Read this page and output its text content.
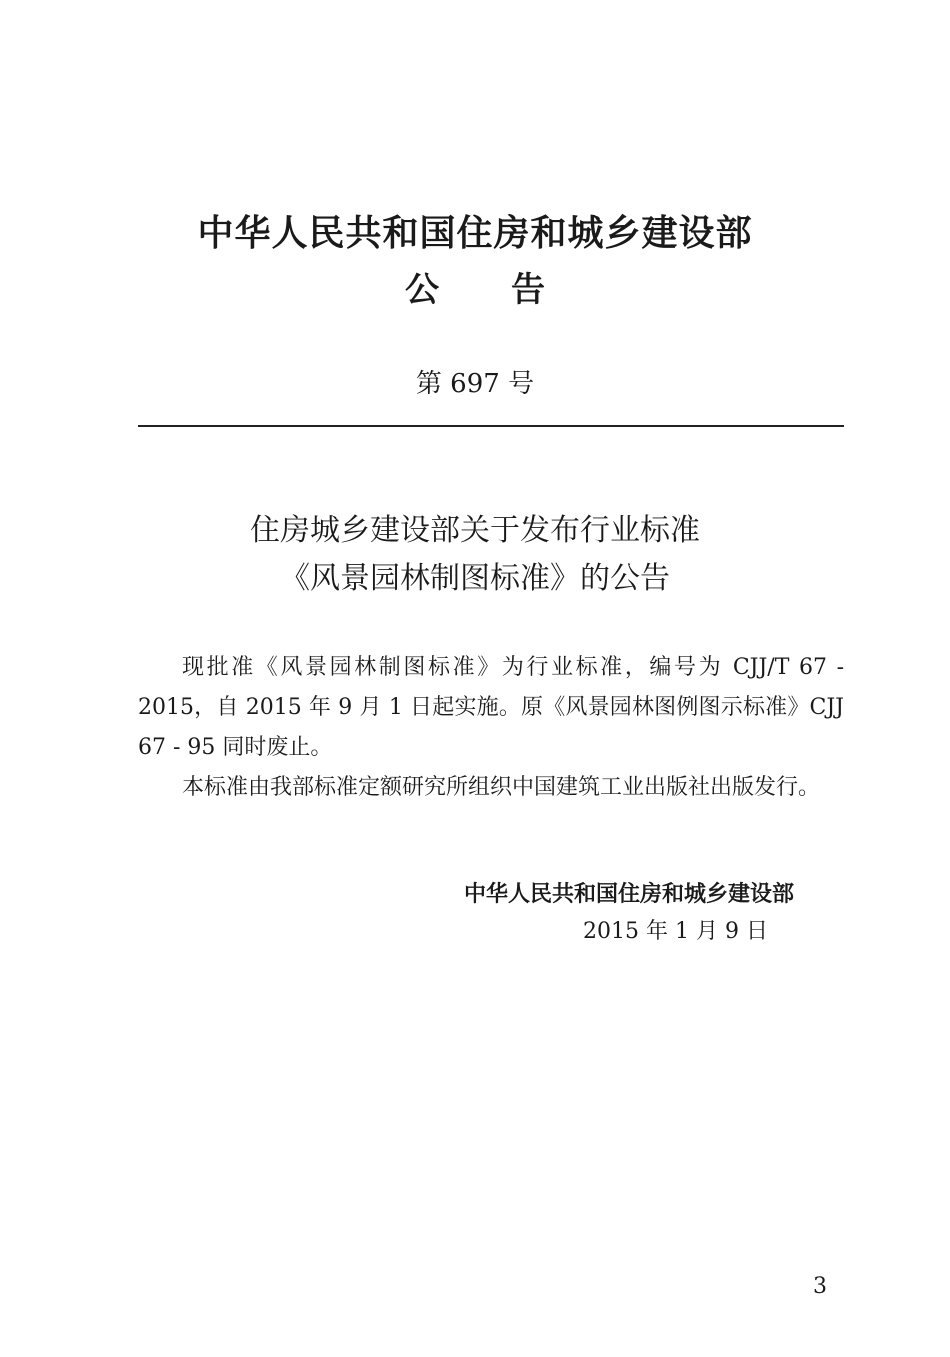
中华人民共和国住房和城乡建设部
公告
第 697 号
住房城乡建设部关于发布行业标准
《风景园林制图标准》的公告

现批准《风景园林制图标准》为行业标准，编号为 CJJ/T 67 - 2015，自 2015 年 9 月 1 日起实施。原《风景园林图例图示标准》CJJ 67 - 95 同时废止。

本标准由我部标准定额研究所组织中国建筑工业出版社出版发行。

中华人民共和国住房和城乡建设部
2015 年 1 月 9 日
3
